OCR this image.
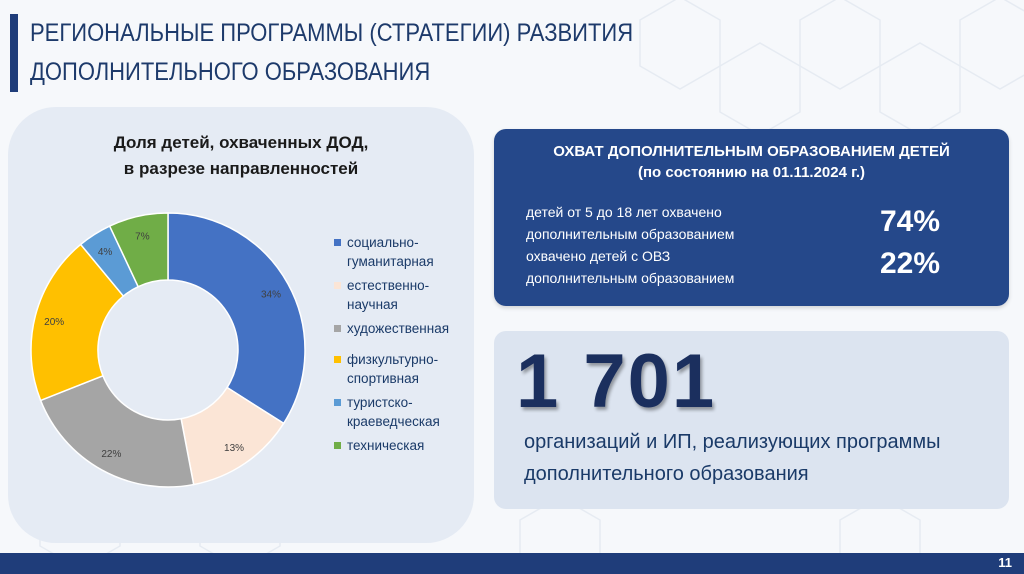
РЕГИОНАЛЬНЫЕ ПРОГРАММЫ (СТРАТЕГИИ) РАЗВИТИЯ
ДОПОЛНИТЕЛЬНОГО ОБРАЗОВАНИЯ
Доля детей, охваченных ДОД,
в разрезе направленностей
34%
13%
22%
20%
4%
7%	социально-
гуманитарная
естественно-
научная
художественная
физкультурно-
спортивная
туристско-
краеведческая
техническая
ОХВАТ ДОПОЛНИТЕЛЬНЫМ ОБРАЗОВАНИЕМ ДЕТЕЙ
(по состоянию на 01.11.2024 г.)
детей от 5 до 18 лет охвачено
дополнительным образованием	74%
охвачено детей с ОВЗ
дополнительным образованием	22%
1 701
организаций и ИП, реализующих программы
дополнительного образования
11
